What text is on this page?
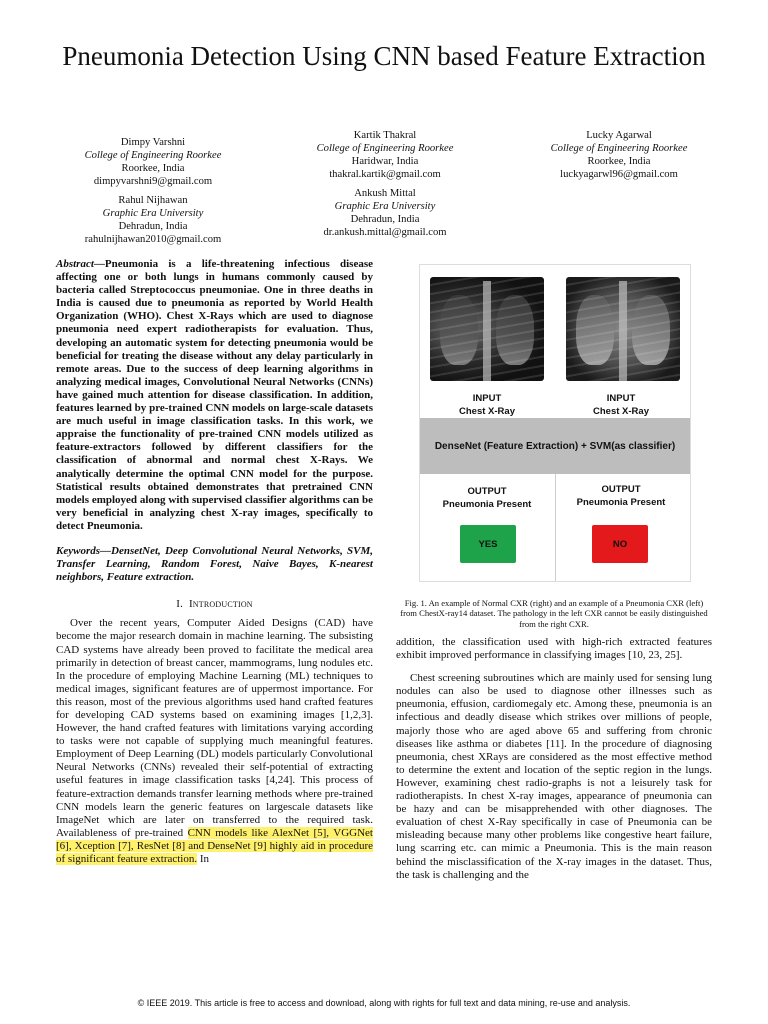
Pneumonia Detection Using CNN based Feature Extraction
Dimpy Varshni
College of Engineering Roorkee
Roorkee, India
dimpyvarshni9@gmail.com
Kartik Thakral
College of Engineering Roorkee
Haridwar, India
thakral.kartik@gmail.com
Lucky Agarwal
College of Engineering Roorkee
Roorkee, India
luckyagarwl96@gmail.com
Rahul Nijhawan
Graphic Era University
Dehradun, India
rahulnijhawan2010@gmail.com
Ankush Mittal
Graphic Era University
Dehradun, India
dr.ankush.mittal@gmail.com

Abstract—Pneumonia is a life-threatening infectious disease affecting one or both lungs in humans commonly caused by bacteria called Streptococcus pneumoniae. One in three deaths in India is caused due to pneumonia as reported by World Health Organization (WHO). Chest X-Rays which are used to diagnose pneumonia need expert radiotherapists for evaluation. Thus, developing an automatic system for detecting pneumonia would be beneficial for treating the disease without any delay particularly in remote areas. Due to the success of deep learning algorithms in analyzing medical images, Convolutional Neural Networks (CNNs) have gained much attention for disease classification. In addition, features learned by pre-trained CNN models on large-scale datasets are much useful in image classification tasks. In this work, we appraise the functionality of pre-trained CNN models utilized as feature-extractors followed by different classifiers for the classification of abnormal and normal chest X-Rays. We analytically determine the optimal CNN model for the purpose. Statistical results obtained demonstrates that pretrained CNN models employed along with supervised classifier algorithms can be very beneficial in analyzing chest X-ray images, specifically to detect Pneumonia.

Keywords—DensetNet, Deep Convolutional Neural Networks, SVM, Transfer Learning, Random Forest, Naive Bayes, K-nearest neighbors, Feature extraction.

I. Introduction

Over the recent years, Computer Aided Designs (CAD) have become the major research domain in machine learning. The subsisting CAD systems have already been proved to facilitate the medical area primarily in detection of breast cancer, mammograms, lung nodules etc. In the procedure of employing Machine Learning (ML) techniques to medical images, significant features are of uppermost importance. For this reason, most of the previous algorithms used hand crafted features for developing CAD systems based on examining images [1,2,3]. However, the hand crafted features with limitations varying according to tasks were not capable of supplying much meaningful features. Employment of Deep Learning (DL) models particularly Convolutional Neural Networks (CNNs) revealed their self-potential of extracting useful features in image classification tasks [4,24]. This process of feature-extraction demands transfer learning methods where pre-trained CNN models learn the generic features on largescale datasets like ImageNet which are later on transferred to the required task. Availableness of pre-trained CNN models like AlexNet [5], VGGNet [6], Xception [7], ResNet [8] and DenseNet [9] highly aid in procedure of significant feature extraction. In

INPUT
Chest X-Ray
INPUT
Chest X-Ray
DenseNet (Feature Extraction) + SVM(as classifier)
OUTPUT
Pneumonia Present
OUTPUT
Pneumonia Present
YES	NO
Fig. 1. An example of Normal CXR (right) and an example of a Pneumonia CXR (left) from ChestX-ray14 dataset. The pathology in the left CXR cannot be easily distinguished from the right CXR.

addition, the classification used with high-rich extracted features exhibit improved performance in classifying images [10, 23, 25].

Chest screening subroutines which are mainly used for sensing lung nodules can also be used to diagnose other illnesses such as pneumonia, effusion, cardiomegaly etc. Among these, pneumonia is an infectious and deadly disease which strikes over millions of people, majorly those who are aged above 65 and suffering from chronic diseases like asthma or diabetes [11]. In the procedure of diagnosing pneumonia, chest XRays are considered as the most effective method to determine the extent and location of the septic region in the lungs. However, examining chest radio-graphs is not a leisurely task for radiotherapists. In chest X-ray images, appearance of pneumonia can be hazy and can be misapprehended with other diagnoses. The evaluation of chest X-Ray specifically in case of Pneumonia can be misleading because many other problems like congestive heart failure, lung scarring etc. can mimic a Pneumonia. This is the main reason behind the misclassification of the X-ray images in the dataset. Thus, the task is challenging and the

© IEEE 2019. This article is free to access and download, along with rights for full text and data mining, re-use and analysis.
